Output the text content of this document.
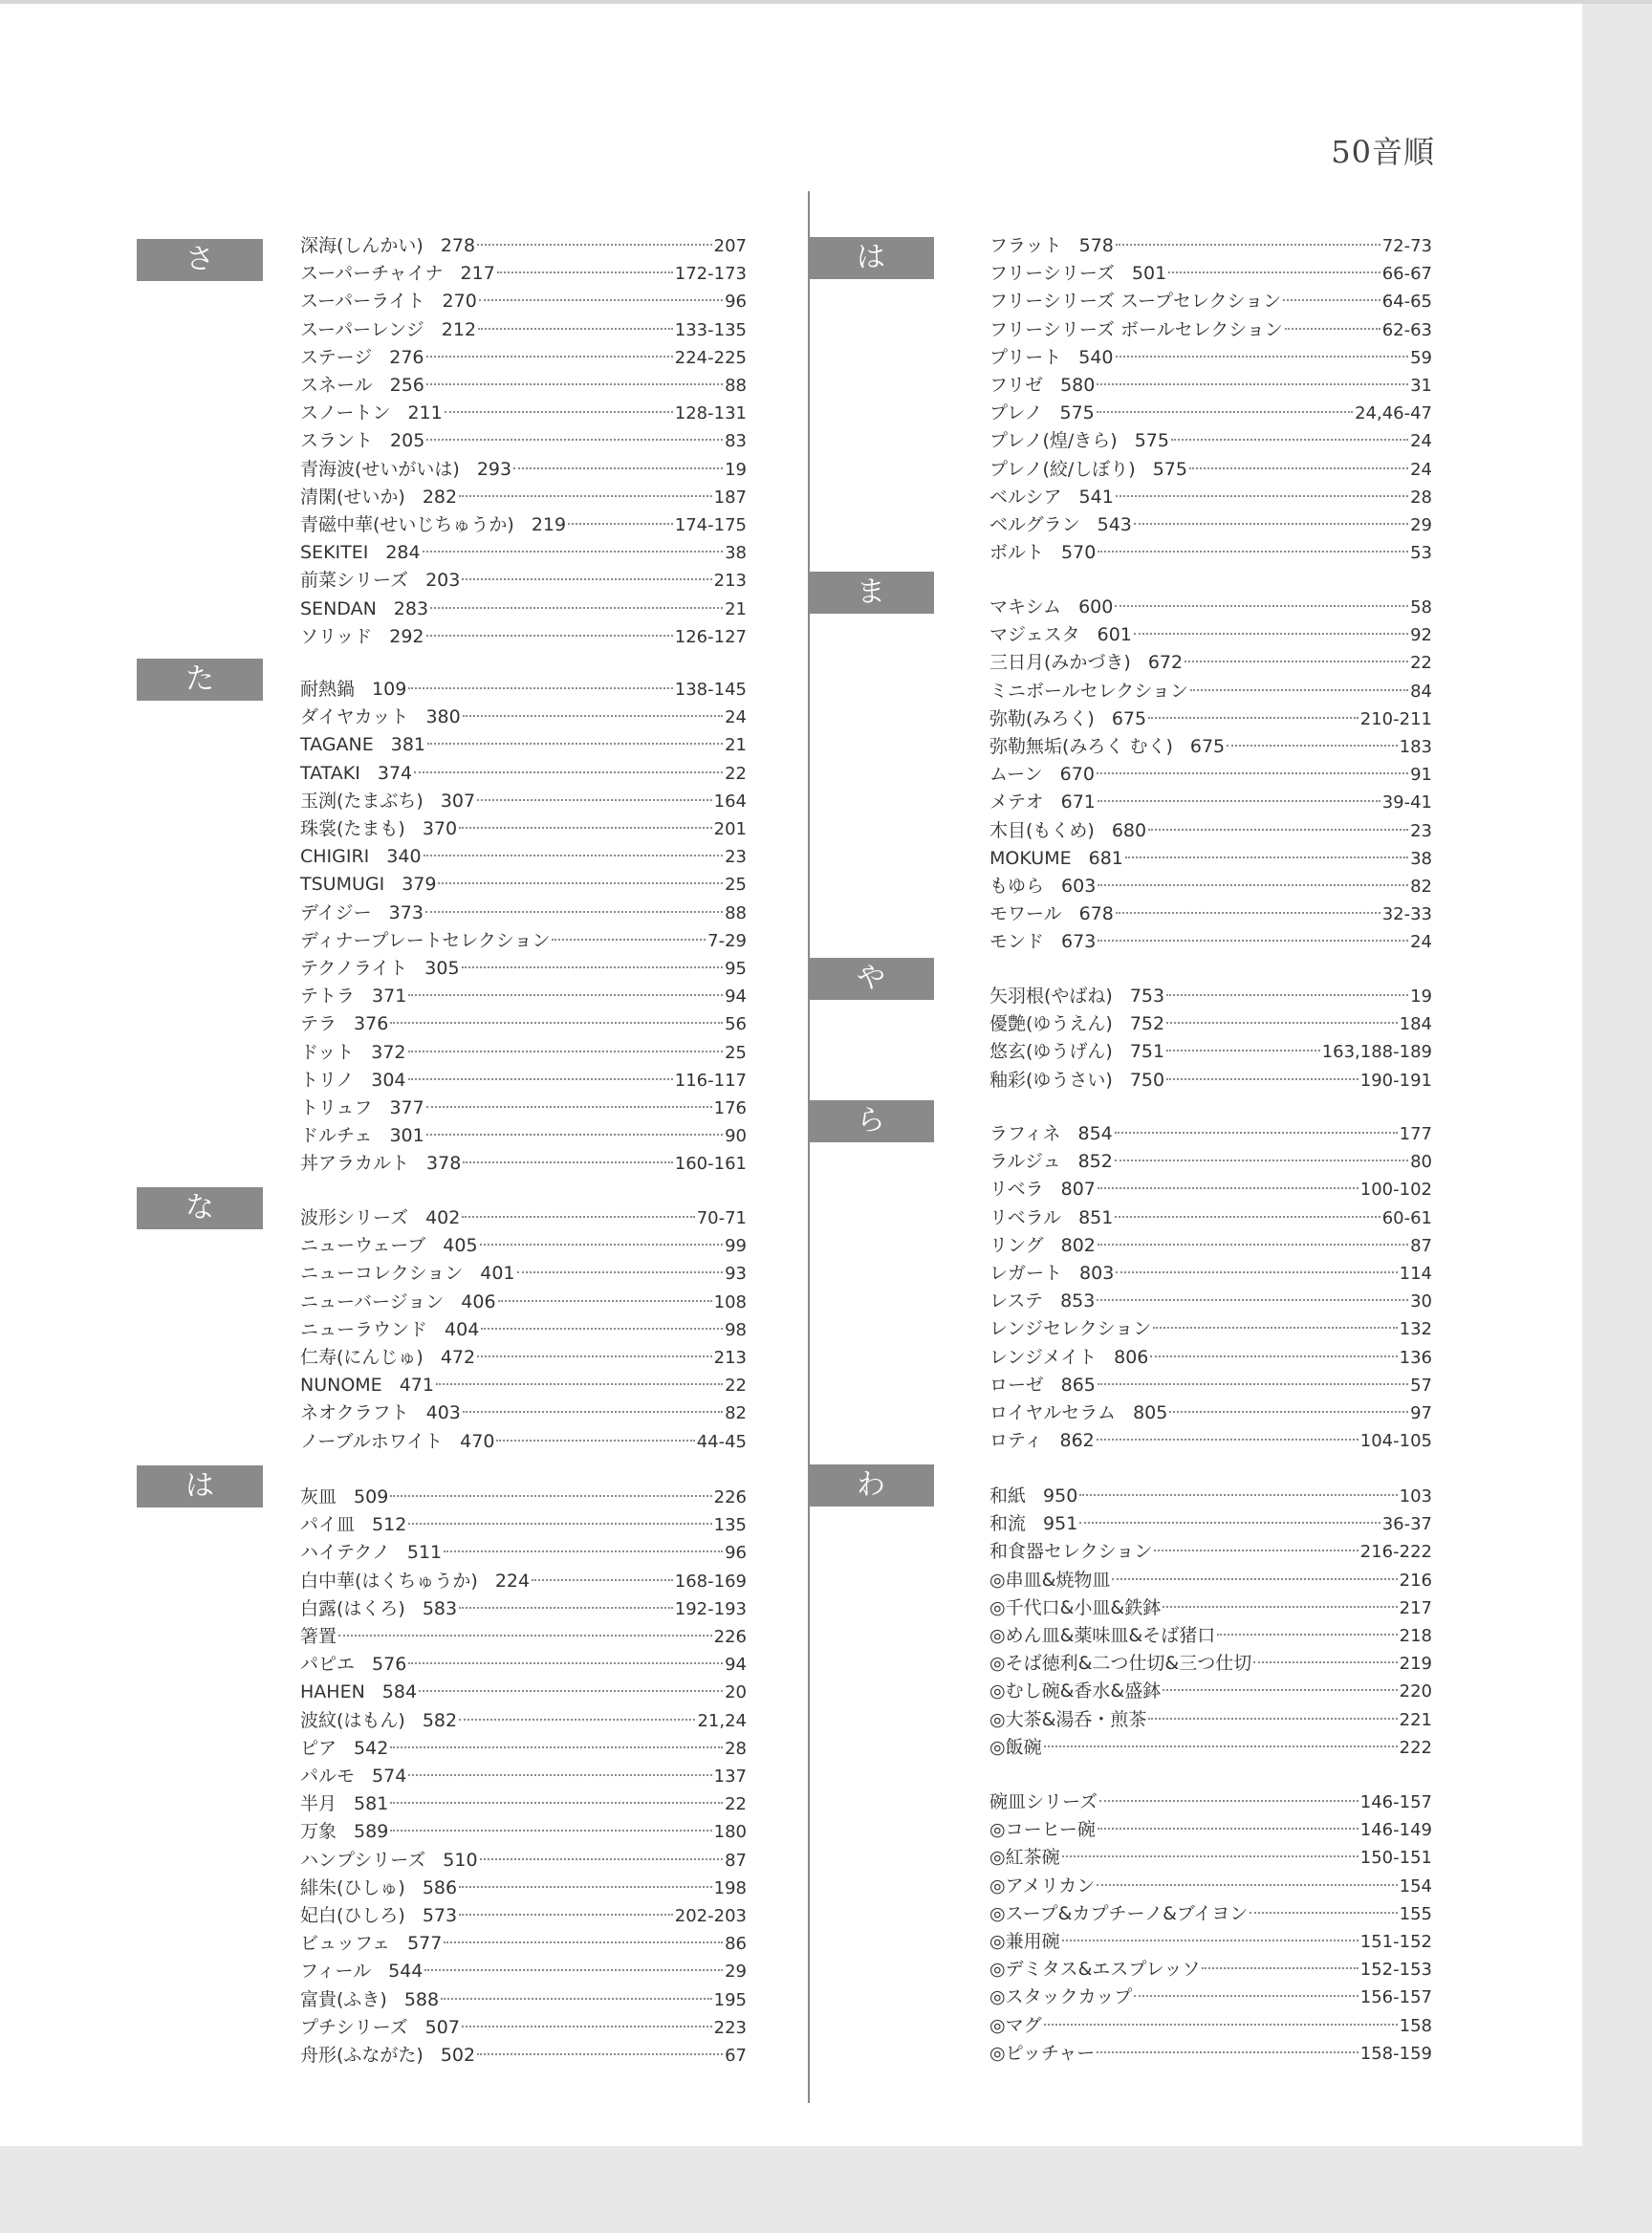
50音順
さ
た
な
は
深海(しんかい) 278	207
スーパーチャイナ 217	172-173
スーパーライト 270	96
スーパーレンジ 212	133-135
ステージ 276	224-225
スネール 256	88
スノートン 211	128-131
スラント 205	83
青海波(せいがいは) 293	19
清閑(せいか) 282	187
青磁中華(せいじちゅうか) 219	174-175
SEKITEI 284	38
前菜シリーズ 203	213
SENDAN 283	21
ソリッド 292	126-127
耐熱鍋 109	138-145
ダイヤカット 380	24
TAGANE 381	21
TATAKI 374	22
玉渕(たまぶち) 307	164
珠裳(たまも) 370	201
CHIGIRI 340	23
TSUMUGI 379	25
デイジー 373	88
ディナープレートセレクション	7-29
テクノライト 305	95
テトラ 371	94
テラ 376	56
ドット 372	25
トリノ 304	116-117
トリュフ 377	176
ドルチェ 301	90
丼アラカルト 378	160-161
波形シリーズ 402	70-71
ニューウェーブ 405	99
ニューコレクション 401	93
ニューバージョン 406	108
ニューラウンド 404	98
仁寿(にんじゅ) 472	213
NUNOME 471	22
ネオクラフト 403	82
ノーブルホワイト 470	44-45
灰皿 509	226
パイ皿 512	135
ハイテクノ 511	96
白中華(はくちゅうか) 224	168-169
白露(はくろ) 583	192-193
箸置	226
パピエ 576	94
HAHEN 584	20
波紋(はもん) 582	21,24
ピア 542	28
パルモ 574	137
半月 581	22
万象 589	180
ハンプシリーズ 510	87
緋朱(ひしゅ) 586	198
妃白(ひしろ) 573	202-203
ビュッフェ 577	86
フィール 544	29
富貴(ふき) 588	195
プチシリーズ 507	223
舟形(ふながた) 502	67
は
ま
や
ら
わ
フラット 578	72-73
フリーシリーズ 501	66-67
フリーシリーズ スープセレクション	64-65
フリーシリーズ ボールセレクション	62-63
プリート 540	59
フリゼ 580	31
プレノ 575	24,46-47
プレノ(煌/きら) 575	24
プレノ(絞/しぼり) 575	24
ベルシア 541	28
ベルグラン 543	29
ボルト 570	53
マキシム 600	58
マジェスタ 601	92
三日月(みかづき) 672	22
ミニボールセレクション	84
弥勒(みろく) 675	210-211
弥勒無垢(みろく むく) 675	183
ムーン 670	91
メテオ 671	39-41
木目(もくめ) 680	23
MOKUME 681	38
もゆら 603	82
モワール 678	32-33
モンド 673	24
矢羽根(やばね) 753	19
優艶(ゆうえん) 752	184
悠玄(ゆうげん) 751	163,188-189
釉彩(ゆうさい) 750	190-191
ラフィネ 854	177
ラルジュ 852	80
リベラ 807	100-102
リベラル 851	60-61
リング 802	87
レガート 803	114
レステ 853	30
レンジセレクション	132
レンジメイト 806	136
ローゼ 865	57
ロイヤルセラム 805	97
ロティ 862	104-105
和紙 950	103
和流 951	36-37
和食器セレクション	216-222
◎串皿&焼物皿	216
◎千代口&小皿&鉄鉢	217
◎めん皿&薬味皿&そば猪口	218
◎そば徳利&二つ仕切&三つ仕切	219
◎むし碗&香水&盛鉢	220
◎大茶&湯呑・煎茶	221
◎飯碗	222
碗皿シリーズ	146-157
◎コーヒー碗	146-149
◎紅茶碗	150-151
◎アメリカン	154
◎スープ&カプチーノ&ブイヨン	155
◎兼用碗	151-152
◎デミタス&エスプレッソ	152-153
◎スタックカップ	156-157
◎マグ	158
◎ピッチャー	158-159
